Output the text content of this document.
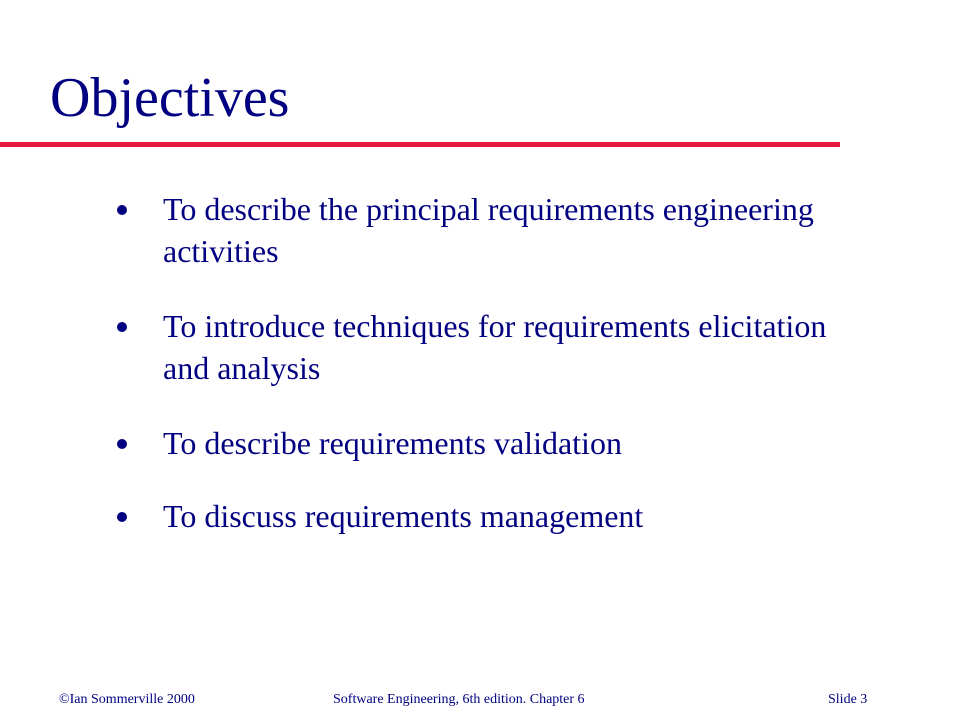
Objectives
To describe the principal requirements engineering activities
To introduce techniques for requirements elicitation and analysis
To describe requirements validation
To discuss requirements management
©Ian Sommerville 2000	Software Engineering, 6th edition. Chapter 6	Slide 3
